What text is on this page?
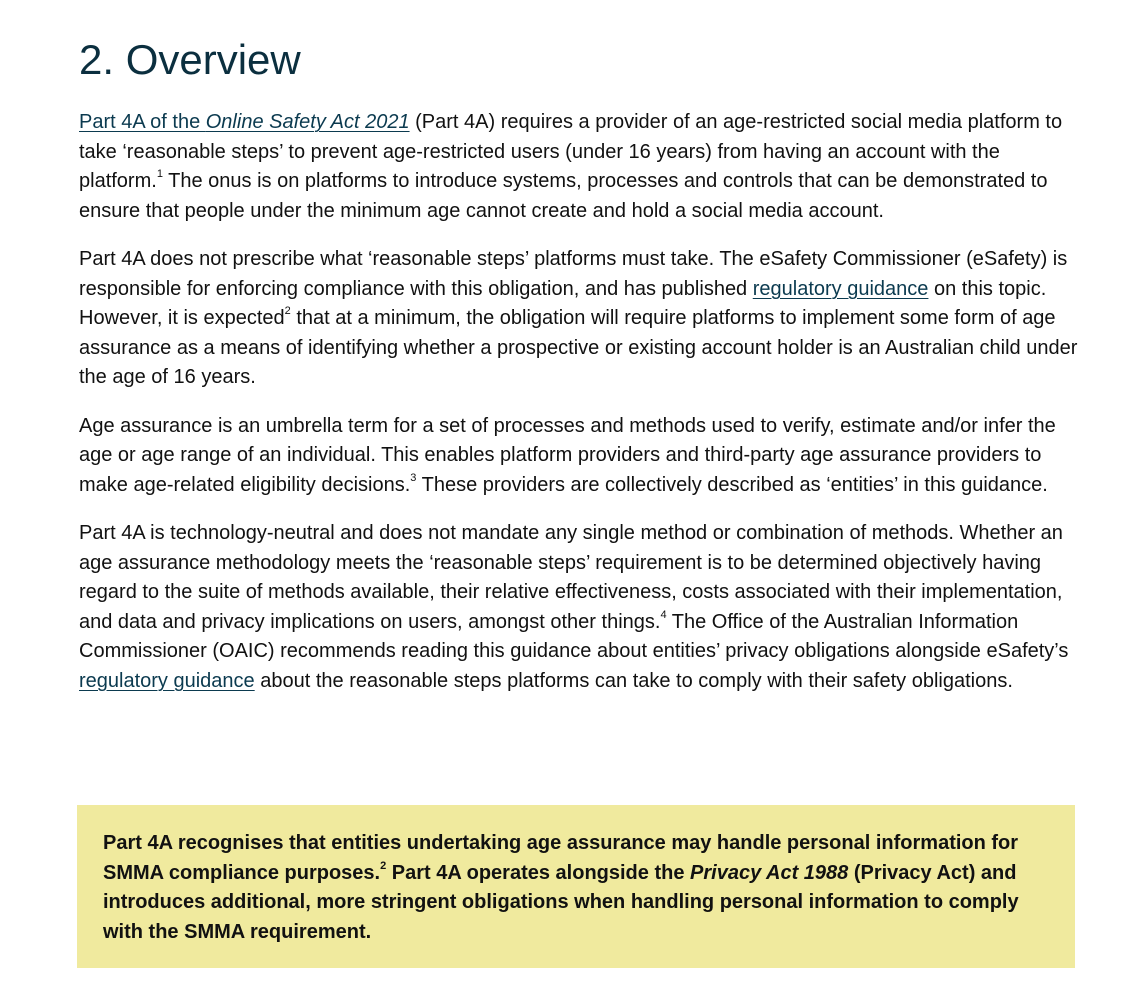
2. Overview

Part 4A of the Online Safety Act 2021 (Part 4A) requires a provider of an age-restricted social media platform to take ‘reasonable steps’ to prevent age-restricted users (under 16 years) from having an account with the platform.$^1$ The onus is on platforms to introduce systems, processes and controls that can be demonstrated to ensure that people under the minimum age cannot create and hold a social media account.

Part 4A does not prescribe what ‘reasonable steps’ platforms must take. The eSafety Commissioner (eSafety) is responsible for enforcing compliance with this obligation, and has published regulatory guidance on this topic. However, it is expected$^2$ that at a minimum, the obligation will require platforms to implement some form of age assurance as a means of identifying whether a prospective or existing account holder is an Australian child under the age of 16 years.

Age assurance is an umbrella term for a set of processes and methods used to verify, estimate and/or infer the age or age range of an individual. This enables platform providers and third-party age assurance providers to make age-related eligibility decisions.$^3$ These providers are collectively described as ‘entities’ in this guidance.

Part 4A is technology-neutral and does not mandate any single method or combination of methods. Whether an age assurance methodology meets the ‘reasonable steps’ requirement is to be determined objectively having regard to the suite of methods available, their relative effectiveness, costs associated with their implementation, and data and privacy implications on users, amongst other things.$^4$ The Office of the Australian Information Commissioner (OAIC) recommends reading this guidance about entities’ privacy obligations alongside eSafety’s regulatory guidance about the reasonable steps platforms can take to comply with their safety obligations.

Part 4A recognises that entities undertaking age assurance may handle personal information for SMMA compliance purposes.$^2$ Part 4A operates alongside the Privacy Act 1988 (Privacy Act) and introduces additional, more stringent obligations when handling personal information to comply with the SMMA requirement.
